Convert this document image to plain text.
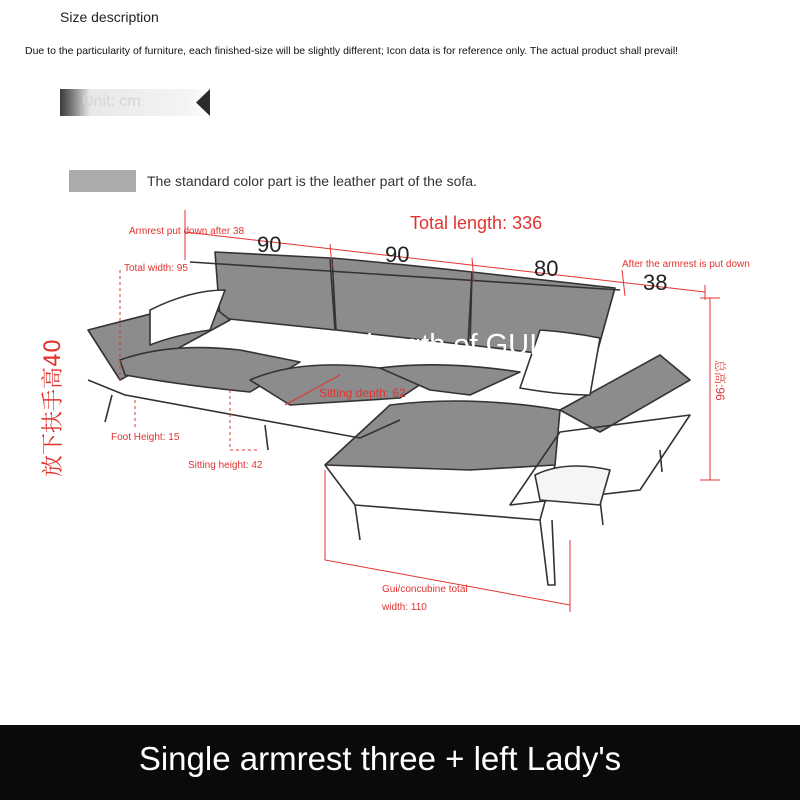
Size description
Due to the particularity of furniture, each finished-size will be slightly different; Icon data is for reference only. The actual product shall prevail!
Unit: cm
The standard color part is the leather part of the sofa.
Armrest put down after 38	Total length: 336
90	90
80	After the armrest is put down
38
Total width: 95
放下扶手高40	总高:96
Total length of GUI/co
Sitting depth: 62
Foot Height: 15
Sitting height: 42
Gui/concubine total
width: 110
Single armrest three + left Lady's
